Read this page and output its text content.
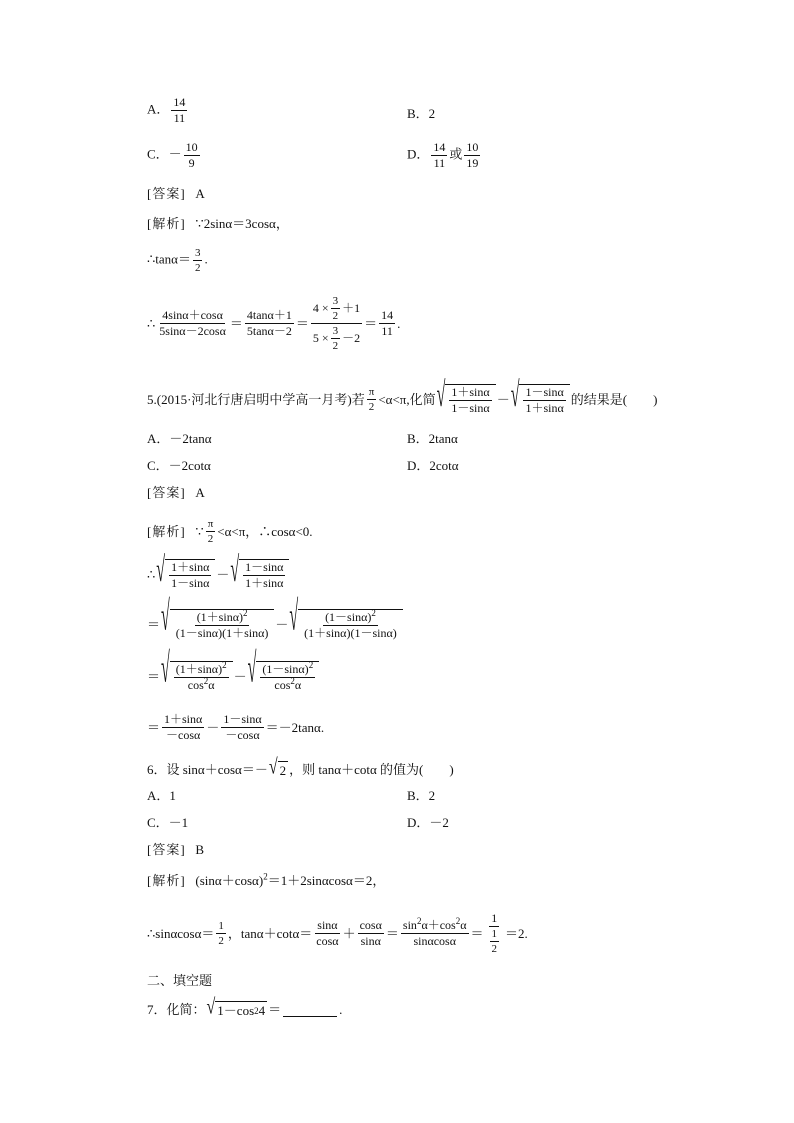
A． $\frac{14}{11}$	B．2
C．－ $\frac{10}{9}$	D． $\frac{14}{11}$ 或 $\frac{10}{19}$
[答案] A
[解析] ∵2sinα＝3cosα，
∴tanα＝ $\frac{3}{2}$ .
∴ $\frac{4\sin\alpha+\cos\alpha}{5\sin\alpha-2\cos\alpha} = \frac{4\tan\alpha+1}{5\tan\alpha-2} = \frac{4 \times \frac{3}{2} +1}{5 \times \frac{3}{2} -2} = \frac{14}{11}$ .
5.(2015·河北行唐启明中学高一月考)若 $\frac{\pi}{2} <\alpha<\pi$,化简 √ $\frac{1+\sin\alpha}{1-\sin\alpha}$ － √ $\frac{1-\sin\alpha}{1+\sin\alpha}$ 的结果是(　　)
A．－2tanα	B．2tanα
C．－2cotα	D．2cotα
[答案] A
[解析]
∵ $\frac{\pi}{2} <\alpha<\pi$，∴cosα<0.
∴ √ $\frac{1+\sin\alpha}{1-\sin\alpha}$ － √ $\frac{1-\sin\alpha}{1+\sin\alpha}$
＝ √ $\frac{(1+\sin\alpha)^2}{(1-\sin\alpha)(1+\sin\alpha)}$ － √ $\frac{(1-\sin\alpha)^2}{(1+\sin\alpha)(1-\sin\alpha)}$
＝ √ $\frac{(1+\sin\alpha)^2}{\cos^2\alpha}$ － √ $\frac{(1-\sin\alpha)^2}{\cos^2\alpha}$
＝ $\frac{1+\sin\alpha}{-\cos\alpha} - \frac{1-\sin\alpha}{-\cos\alpha} =-2\tan\alpha$.
6．设 sinα＋cosα＝－ √ 2 ，则 tanα＋cotα 的值为(　　)
A．1	B．2
C．－1	D．－2
[答案] B
[解析] $(\sin\alpha+\cos\alpha)^2=1+2\sin\alpha\cos\alpha=2$，
∴sinαcosα＝ $\frac{1}{2}$ ，$\tan\alpha+\cot\alpha= \frac{\sin\alpha}{\cos\alpha} + \frac{\cos\alpha}{\sin\alpha} = \frac{\sin^2\alpha+\cos^2\alpha}{\sin\alpha\cos\alpha} = \frac{1}{\frac{1}{2}} =2$.
二、填空题
7．化简： √ 1－cos 2 4 ＝	.
